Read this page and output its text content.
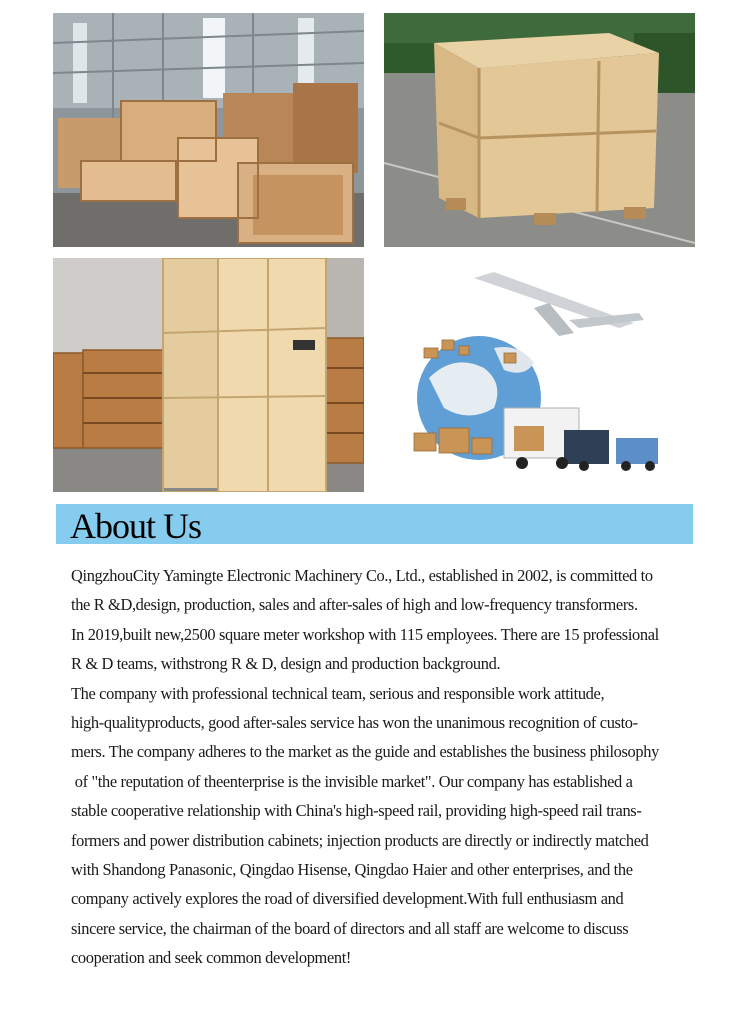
About Us
QingzhouCity Yamingte Electronic Machinery Co., Ltd., established in 2002, is committed to
the R &D,design, production, sales and after-sales of high and low-frequency transformers.
In 2019,built new,2500 square meter workshop with 115 employees. There are 15 professional
R & D teams, withstrong R & D, design and production background.
The company with professional technical team, serious and responsible work attitude,
high-qualityproducts, good after-sales service has won the unanimous recognition of custo-
mers. The company adheres to the market as the guide and establishes the business philosophy
of "the reputation of theenterprise is the invisible market". Our company has established a
stable cooperative relationship with China's high-speed rail, providing high-speed rail trans-
formers and power distribution cabinets; injection products are directly or indirectly matched
with Shandong Panasonic, Qingdao Hisense, Qingdao Haier and other enterprises, and the
company actively explores the road of diversified development.With full enthusiasm and
sincere service, the chairman of the board of directors and all staff are welcome to discuss
cooperation and seek common development!
